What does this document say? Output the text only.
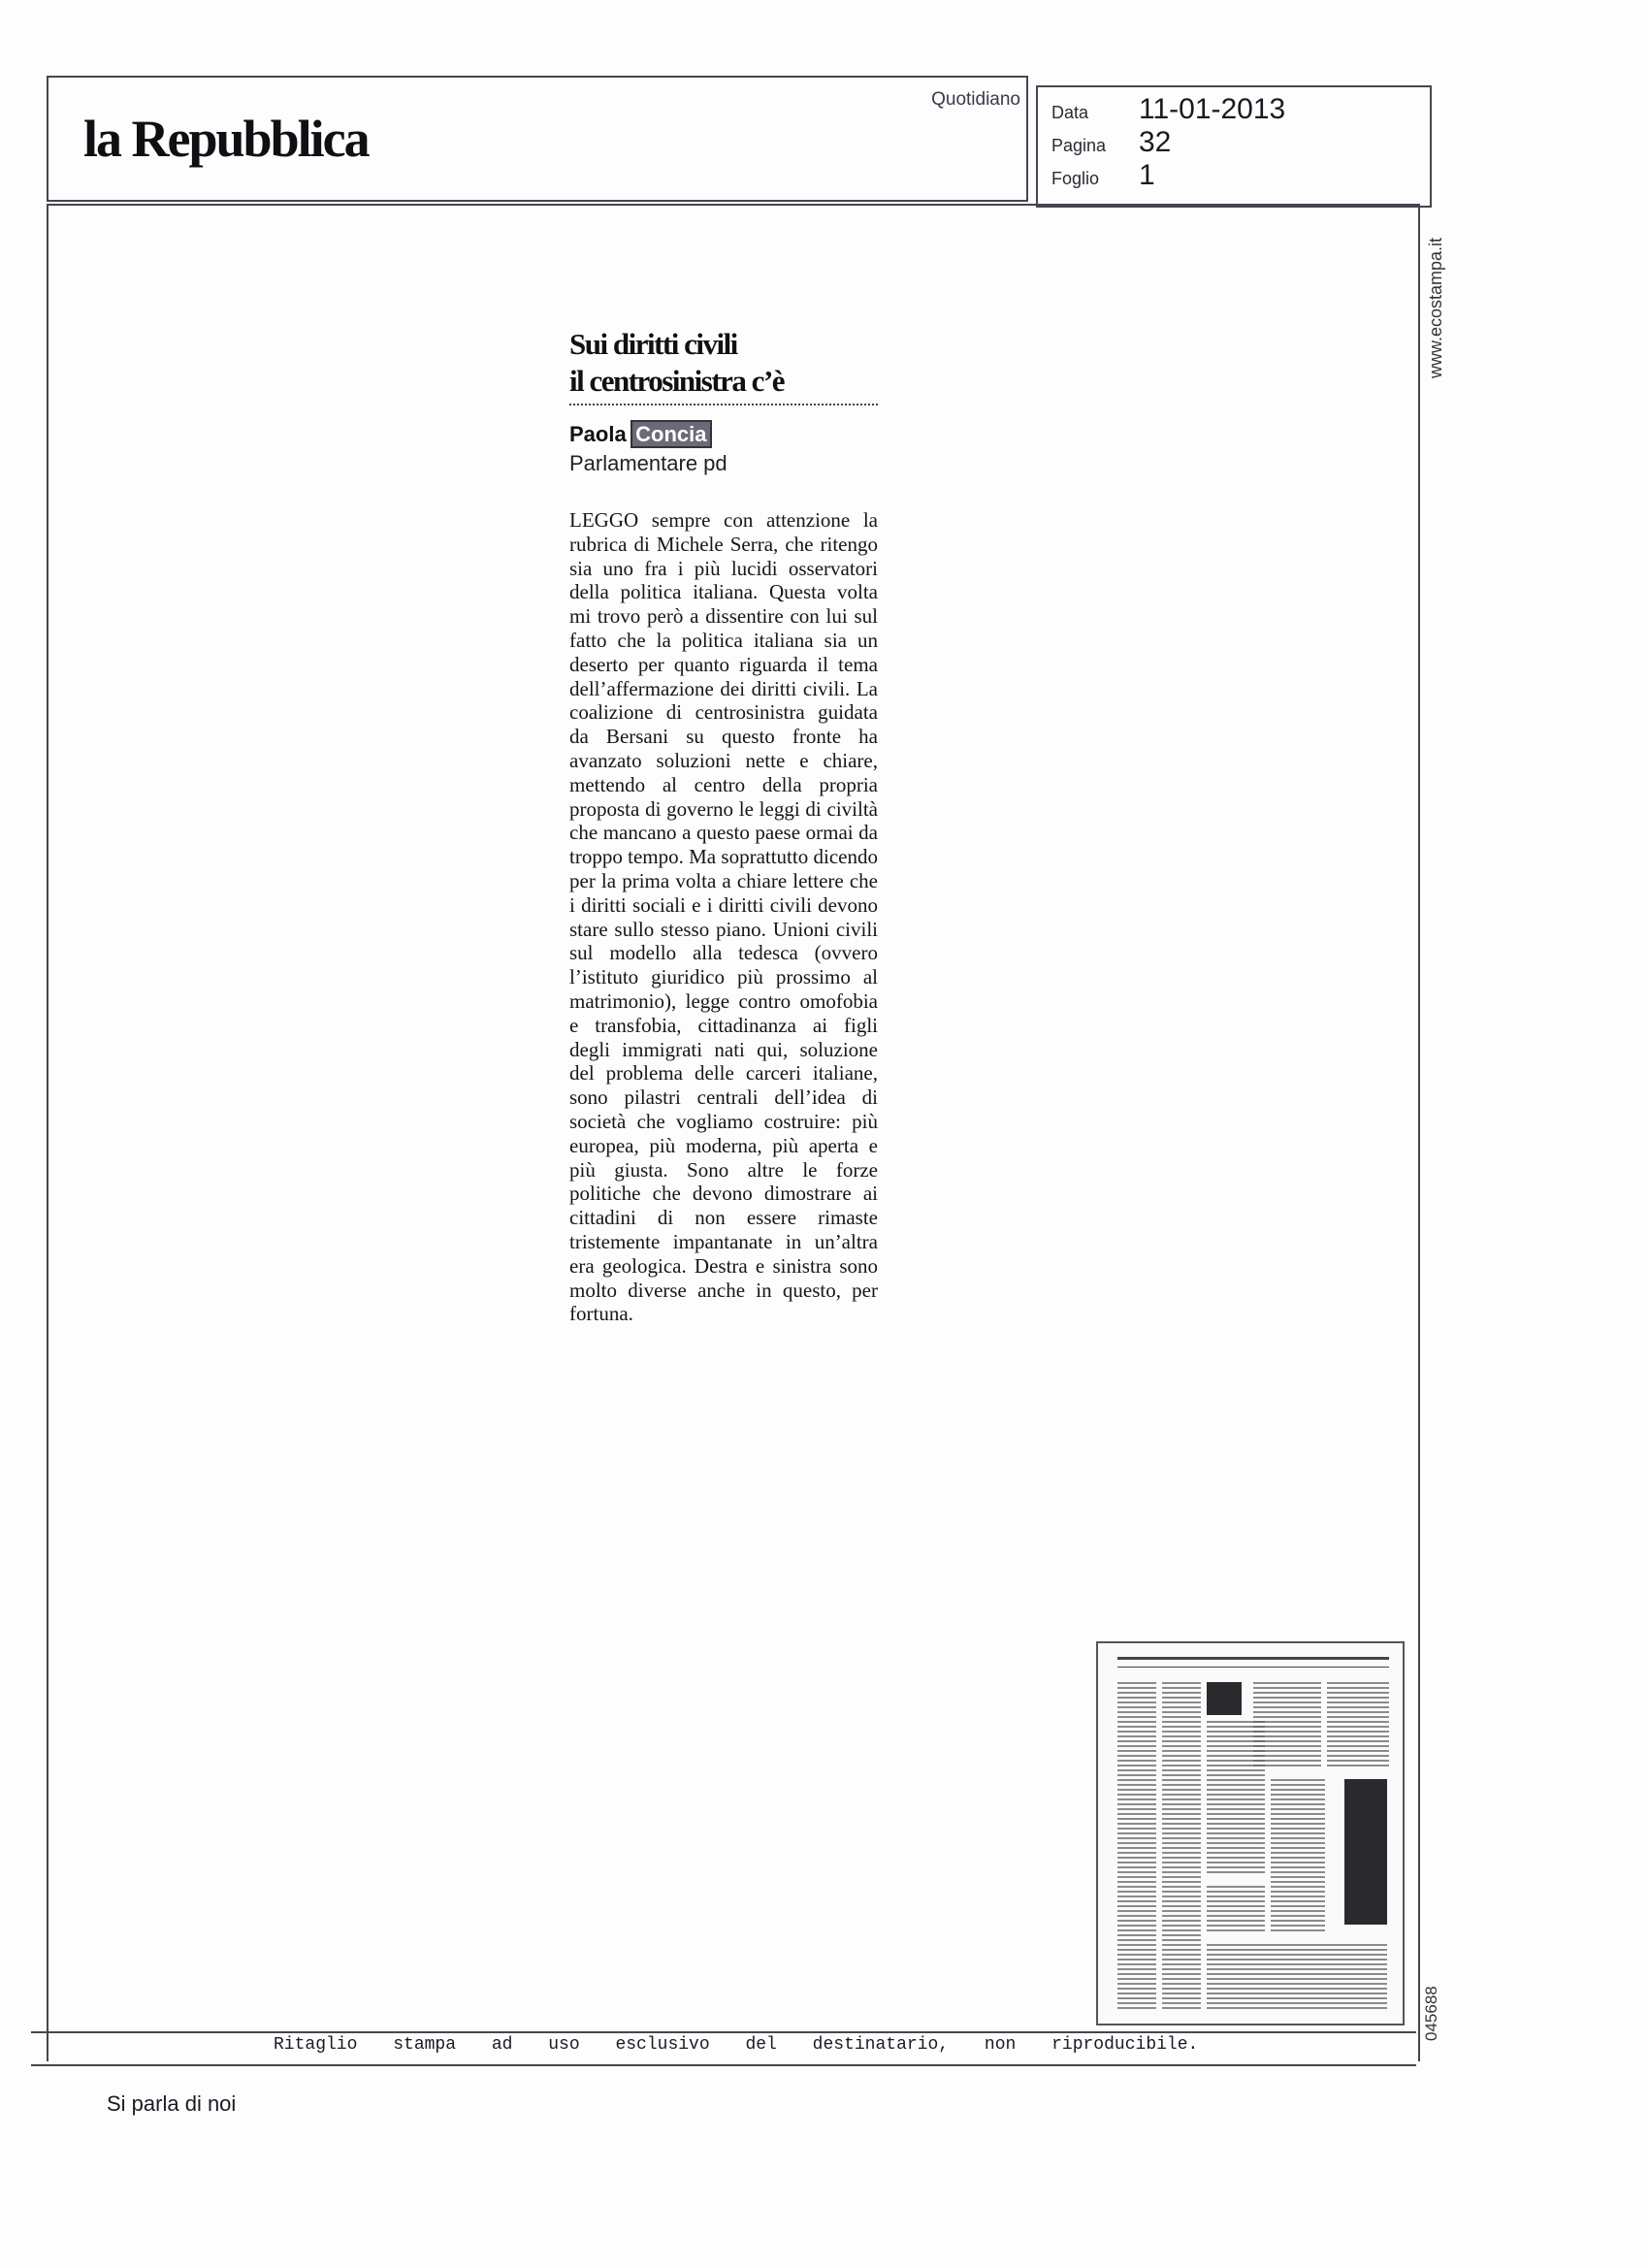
la Repubblica
Quotidiano
Data	11-01-2013
Pagina	32
Foglio	1
www.ecostampa.it
Sui diritti civili
il centrosinistra c’è
Paola Concia
Parlamentare pd
LEGGO sempre con attenzione la rubrica di Michele Serra, che ritengo sia uno fra i più lucidi osservatori della politica italiana. Questa volta mi trovo però a dissentire con lui sul fatto che la politica italiana sia un deserto per quanto riguarda il tema dell’affermazione dei diritti civili. La coalizione di centrosinistra guidata da Bersani su questo fronte ha avanzato soluzioni nette e chiare, mettendo al centro della propria proposta di governo le leggi di civiltà che mancano a questo paese ormai da troppo tempo. Ma soprattutto dicendo per la prima volta a chiare lettere che i diritti sociali e i diritti civili devono stare sullo stesso piano. Unioni civili sul modello alla tedesca (ovvero l’istituto giuridico più prossimo al matrimonio), legge contro omofobia e transfobia, cittadinanza ai figli degli immigrati nati qui, soluzione del problema delle carceri italiane, sono pilastri centrali dell’idea di società che vogliamo costruire: più europea, più moderna, più aperta e più giusta. Sono altre le forze politiche che devono dimostrare ai cittadini di non essere rimaste tristemente impantanate in un’altra era geologica. Destra e sinistra sono molto diverse anche in questo, per fortuna.
Ritaglio stampa ad uso esclusivo del destinatario, non riproducibile.
045688
Si parla di noi
